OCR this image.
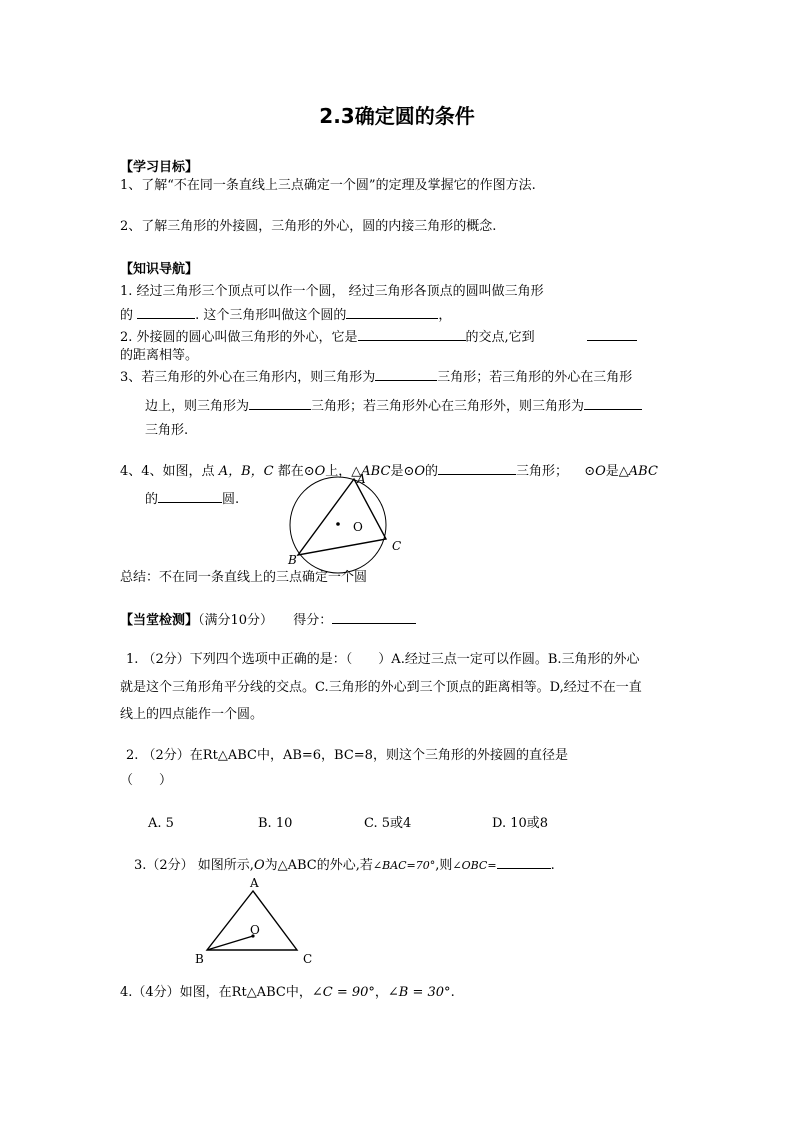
2.3确定圆的条件
【学习目标】
1、了解“不在同一条直线上三点确定一个圆”的定理及掌握它的作图方法.
2、了解三角形的外接圆，三角形的外心，圆的内接三角形的概念.
【知识导航】
1. 经过三角形三个顶点可以作一个圆， 经过三角形各顶点的圆叫做三角形
的	. 这个三角形叫做这个圆的	，
2. 外接圆的圆心叫做三角形的外心，它是	的交点,它到
的距离相等。
3、若三角形的外心在三角形内，则三角形为	三角形；若三角形的外心在三角形
边上，则三角形为	三角形；若三角形外心在三角形外，则三角形为
三角形.
4、4、如图，点 A，B，C 都在⊙O上，△ABC是⊙O的	三角形； ⊙O是△ABC
的	圆.
O
A
B
C
总结：不在同一条直线上的三点确定一个圆
【当堂检测】（满分10分） 得分：
1. （2分）下列四个选项中正确的是：（　　）A.经过三点一定可以作圆。B.三角形的外心
就是这个三角形角平分线的交点。C.三角形的外心到三个顶点的距离相等。D,经过不在一直
线上的四点能作一个圆。
2. （2分）在Rt△ABC中，AB=6，BC=8，则这个三角形的外接圆的直径是
（　　）
A. 5	B. 10	C. 5或4	D. 10或8
3.（2分） 如图所示,O为△ABC的外心,若∠BAC=70°,则∠OBC=	.
A
B	C
O
4.（4分）如图，在Rt△ABC中，∠C = 90°，∠B = 30°.
